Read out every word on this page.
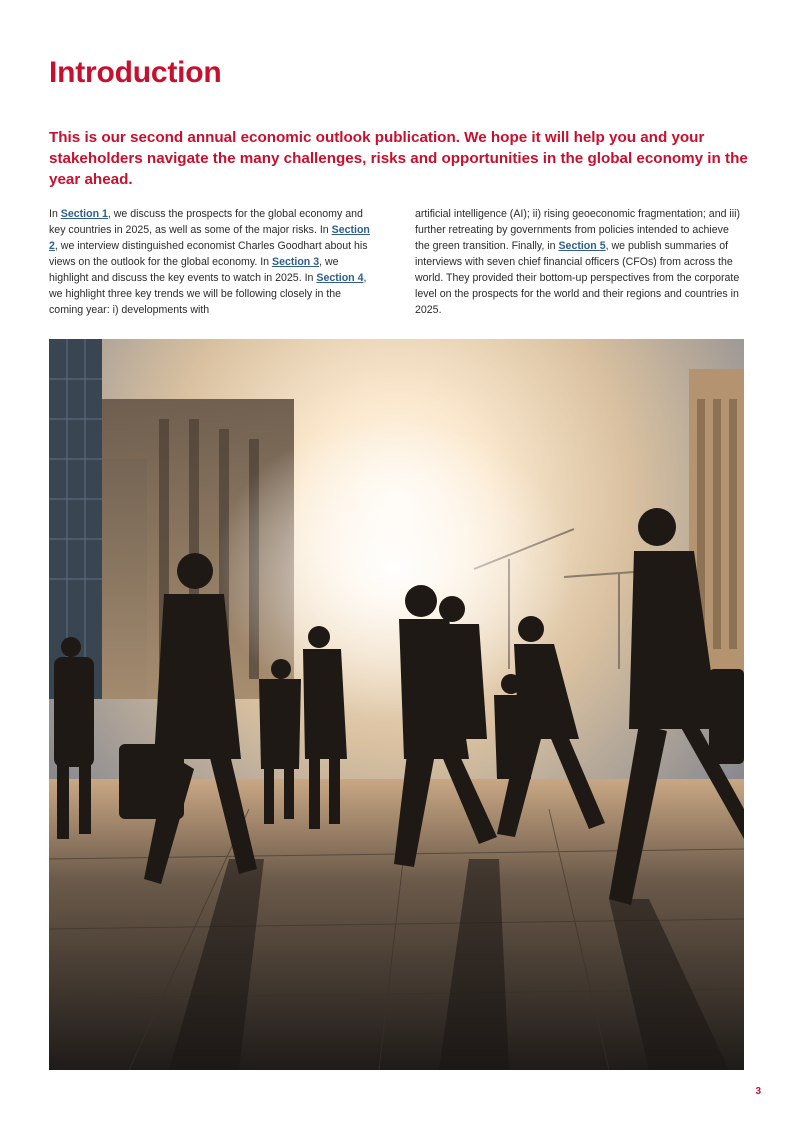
Introduction

This is our second annual economic outlook publication. We hope it will help you and your stakeholders navigate the many challenges, risks and opportunities in the global economy in the year ahead.

In Section 1, we discuss the prospects for the global economy and key countries in 2025, as well as some of the major risks. In Section 2, we interview distinguished economist Charles Goodhart about his views on the outlook for the global economy. In Section 3, we highlight and discuss the key events to watch in 2025. In Section 4, we highlight three key trends we will be following closely in the coming year: i) developments with

artificial intelligence (AI); ii) rising geoeconomic fragmentation; and iii) further retreating by governments from policies intended to achieve the green transition. Finally, in Section 5, we publish summaries of interviews with seven chief financial officers (CFOs) from across the world. They provided their bottom-up perspectives from the corporate level on the prospects for the world and their regions and countries in 2025.

3
